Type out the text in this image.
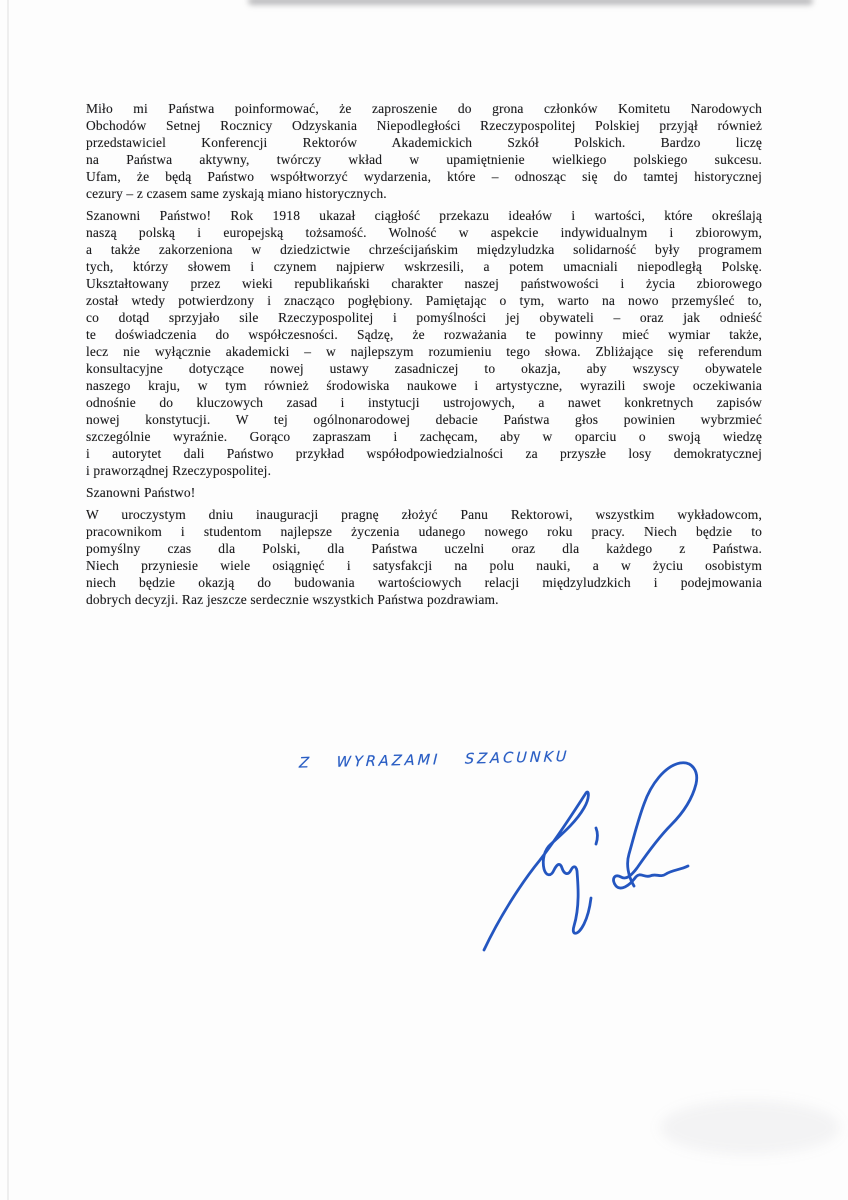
Miło mi Państwa poinformować, że zaproszenie do grona członków Komitetu Narodowych
Obchodów Setnej Rocznicy Odzyskania Niepodległości Rzeczypospolitej Polskiej przyjął również
przedstawiciel Konferencji Rektorów Akademickich Szkół Polskich. Bardzo liczę
na Państwa aktywny, twórczy wkład w upamiętnienie wielkiego polskiego sukcesu.
Ufam, że będą Państwo współtworzyć wydarzenia, które – odnosząc się do tamtej historycznej
cezury – z czasem same zyskają miano historycznych.
Szanowni Państwo! Rok 1918 ukazał ciągłość przekazu ideałów i wartości, które określają
naszą polską i europejską tożsamość. Wolność w aspekcie indywidualnym i zbiorowym,
a także zakorzeniona w dziedzictwie chrześcijańskim międzyludzka solidarność były programem
tych, którzy słowem i czynem najpierw wskrzesili, a potem umacniali niepodległą Polskę.
Ukształtowany przez wieki republikański charakter naszej państwowości i życia zbiorowego
został wtedy potwierdzony i znacząco pogłębiony. Pamiętając o tym, warto na nowo przemyśleć to,
co dotąd sprzyjało sile Rzeczypospolitej i pomyślności jej obywateli – oraz jak odnieść
te doświadczenia do współczesności. Sądzę, że rozważania te powinny mieć wymiar także,
lecz nie wyłącznie akademicki – w najlepszym rozumieniu tego słowa. Zbliżające się referendum
konsultacyjne dotyczące nowej ustawy zasadniczej to okazja, aby wszyscy obywatele
naszego kraju, w tym również środowiska naukowe i artystyczne, wyrazili swoje oczekiwania
odnośnie do kluczowych zasad i instytucji ustrojowych, a nawet konkretnych zapisów
nowej konstytucji. W tej ogólnonarodowej debacie Państwa głos powinien wybrzmieć
szczególnie wyraźnie. Gorąco zapraszam i zachęcam, aby w oparciu o swoją wiedzę
i autorytet dali Państwo przykład współodpowiedzialności za przyszłe losy demokratycznej
i praworządnej Rzeczypospolitej.
Szanowni Państwo!
W uroczystym dniu inauguracji pragnę złożyć Panu Rektorowi, wszystkim wykładowcom,
pracownikom i studentom najlepsze życzenia udanego nowego roku pracy. Niech będzie to
pomyślny czas dla Polski, dla Państwa uczelni oraz dla każdego z Państwa.
Niech przyniesie wiele osiągnięć i satysfakcji na polu nauki, a w życiu osobistym
niech będzie okazją do budowania wartościowych relacji międzyludzkich i podejmowania
dobrych decyzji. Raz jeszcze serdecznie wszystkich Państwa pozdrawiam.
Z WYRAZAMI SZACUNKU
